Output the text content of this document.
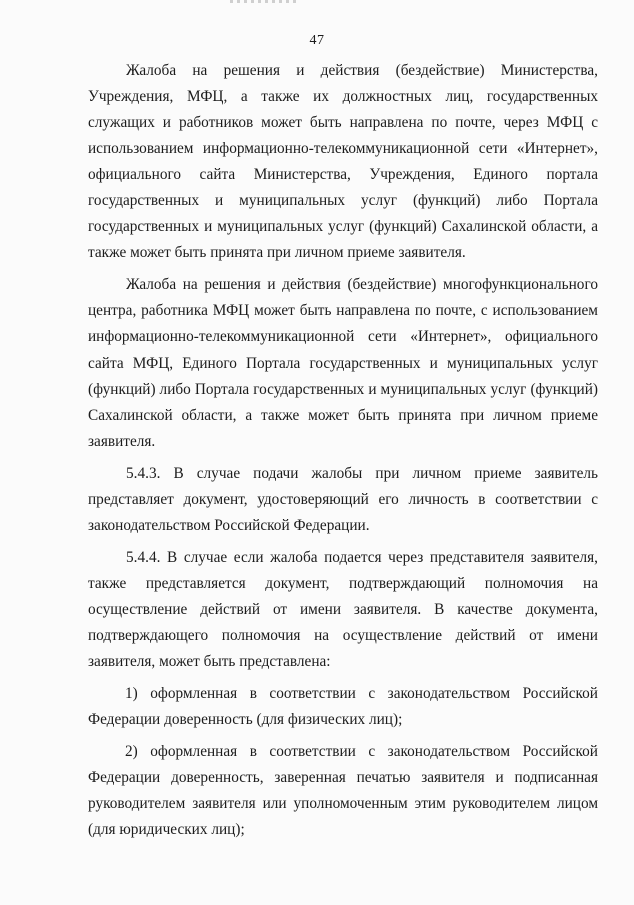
47

Жалоба на решения и действия (бездействие) Министерства, Учреждения, МФЦ, а также их должностных лиц, государственных служащих и работников может быть направлена по почте, через МФЦ с использованием информационно-телекоммуникационной сети «Интернет», официального сайта Министерства, Учреждения, Единого портала государственных и муниципальных услуг (функций) либо Портала государственных и муниципальных услуг (функций) Сахалинской области, а также может быть принята при личном приеме заявителя.

Жалоба на решения и действия (бездействие) многофункционального центра, работника МФЦ может быть направлена по почте, с использованием информационно-телекоммуникационной сети «Интернет», официального сайта МФЦ, Единого Портала государственных и муниципальных услуг (функций) либо Портала государственных и муниципальных услуг (функций) Сахалинской области, а также может быть принята при личном приеме заявителя.

5.4.3. В случае подачи жалобы при личном приеме заявитель представляет документ, удостоверяющий его личность в соответствии с законодательством Российской Федерации.

5.4.4. В случае если жалоба подается через представителя заявителя, также представляется документ, подтверждающий полномочия на осуществление действий от имени заявителя. В качестве документа, подтверждающего полномочия на осуществление действий от имени заявителя, может быть представлена:

1) оформленная в соответствии с законодательством Российской Федерации доверенность (для физических лиц);

2) оформленная в соответствии с законодательством Российской Федерации доверенность, заверенная печатью заявителя и подписанная руководителем заявителя или уполномоченным этим руководителем лицом (для юридических лиц);
